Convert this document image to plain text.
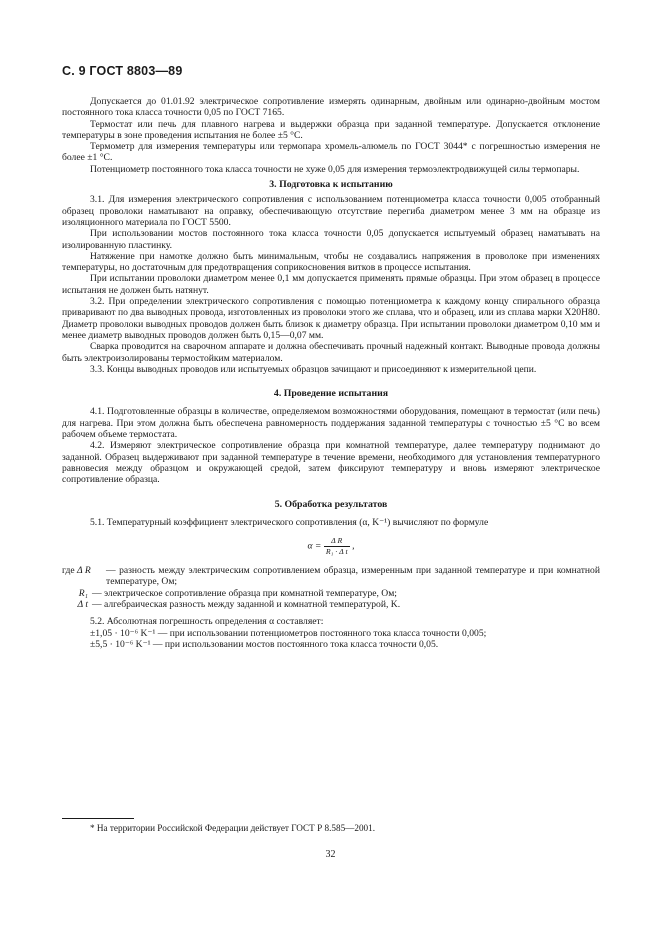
С. 9 ГОСТ 8803—89

Допускается до 01.01.92 электрическое сопротивление измерять одинарным, двойным или одинарно-двойным мостом постоянного тока класса точности 0,05 по ГОСТ 7165.

Термостат или печь для плавного нагрева и выдержки образца при заданной температуре. Допускается отклонение температуры в зоне проведения испытания не более ±5 °С.

Термометр для измерения температуры или термопара хромель-алюмель по ГОСТ 3044* с погрешностью измерения не более ±1 °С.

Потенциометр постоянного тока класса точности не хуже 0,05 для измерения термоэлектродвижущей силы термопары.

3. Подготовка к испытанию

3.1. Для измерения электрического сопротивления с использованием потенциометра класса точности 0,005 отобранный образец проволоки наматывают на оправку, обеспечивающую отсутствие перегиба диаметром менее 3 мм на образце из изоляционного материала по ГОСТ 5500.

При использовании мостов постоянного тока класса точности 0,05 допускается испытуемый образец наматывать на изолированную пластинку.

Натяжение при намотке должно быть минимальным, чтобы не создавались напряжения в проволоке при изменениях температуры, но достаточным для предотвращения соприкосновения витков в процессе испытания.

При испытании проволоки диаметром менее 0,1 мм допускается применять прямые образцы. При этом образец в процессе испытания не должен быть натянут.

3.2. При определении электрического сопротивления с помощью потенциометра к каждому концу спирального образца приваривают по два выводных провода, изготовленных из проволоки этого же сплава, что и образец, или из сплава марки Х20Н80. Диаметр проволоки выводных проводов должен быть близок к диаметру образца. При испытании проволоки диаметром 0,10 мм и менее диаметр выводных проводов должен быть 0,15—0,07 мм.

Сварка проводится на сварочном аппарате и должна обеспечивать прочный надежный контакт. Выводные провода должны быть электроизолированы термостойким материалом.

3.3. Концы выводных проводов или испытуемых образцов зачищают и присоединяют к измерительной цепи.

4. Проведение испытания

4.1. Подготовленные образцы в количестве, определяемом возможностями оборудования, помещают в термостат (или печь) для нагрева. При этом должна быть обеспечена равномерность поддержания заданной температуры с точностью ±5 °С во всем рабочем объеме термостата.

4.2. Измеряют электрическое сопротивление образца при комнатной температуре, далее температуру поднимают до заданной. Образец выдерживают при заданной температуре в течение времени, необходимого для установления температурного равновесия между образцом и окружающей средой, затем фиксируют температуру и вновь измеряют электрическое сопротивление образца.

5. Обработка результатов

5.1. Температурный коэффициент электрического сопротивления (α, K⁻¹) вычисляют по формуле

$\alpha = \frac{\text{Δ R}}{\text{R₁ · Δ t}}$ ,
где Δ R	— разность между электрическим сопротивлением образца, измеренным при заданной температуре и при комнатной температуре, Ом;
R₁ — электрическое сопротивление образца при комнатной температуре, Ом;
Δ t — алгебраическая разность между заданной и комнатной температурой, K.

5.2. Абсолютная погрешность определения α составляет:

±1,05 · 10⁻⁶ K⁻¹ — при использовании потенциометров постоянного тока класса точности 0,005;

±5,5 · 10⁻⁶ K⁻¹ — при использовании мостов постоянного тока класса точности 0,05.

* На территории Российской Федерации действует ГОСТ Р 8.585—2001.
32
